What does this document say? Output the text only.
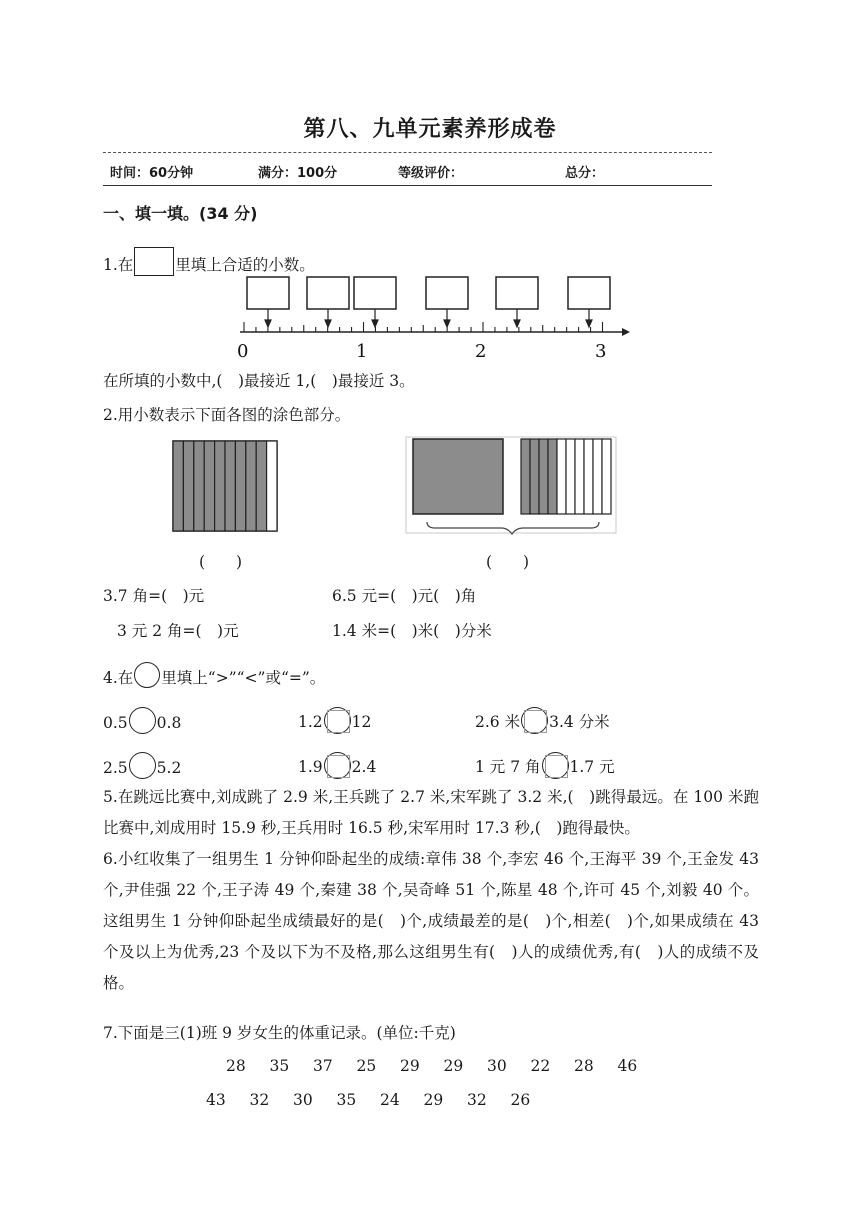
第八、九单元素养形成卷
时间：60分钟	满分：100分	等级评价：	总分：
一、填一填。(34 分)
1.在	里填上合适的小数。
0	1	2	3
在所填的小数中,(　)最接近 1,(　)最接近 3。
2.用小数表示下面各图的涂色部分。
(　　)	(　　)
3.7 角=(　)元	6.5 元=(　)元(　)角
3 元 2 角=(　)元	1.4 米=(　)米(　)分米
4.在 里填上“>”“<”或“=”。
0.5 0.8	1.2 12	2.6 米 3.4 分米
2.5 5.2	1.9 2.4	1 元 7 角 1.7 元
5.在跳远比赛中,刘成跳了 2.9 米,王兵跳了 2.7 米,宋军跳了 3.2 米,(　)跳得最远。在 100 米跑比赛中,刘成用时 15.9 秒,王兵用时 16.5 秒,宋军用时 17.3 秒,(　)跑得最快。
6.小红收集了一组男生 1 分钟仰卧起坐的成绩:章伟 38 个,李宏 46 个,王海平 39 个,王金发 43 个,尹佳强 22 个,王子涛 49 个,秦建 38 个,吴奇峰 51 个,陈星 48 个,许可 45 个,刘毅 40 个。这组男生 1 分钟仰卧起坐成绩最好的是(　)个,成绩最差的是(　)个,相差(　)个,如果成绩在 43 个及以上为优秀,23 个及以下为不及格,那么这组男生有(　)人的成绩优秀,有(　)人的成绩不及格。
7.下面是三(1)班 9 岁女生的体重记录。(单位:千克)
28 35 37 25 29 29 30 22 28 46
43 32 30 35 24 29 32 26
